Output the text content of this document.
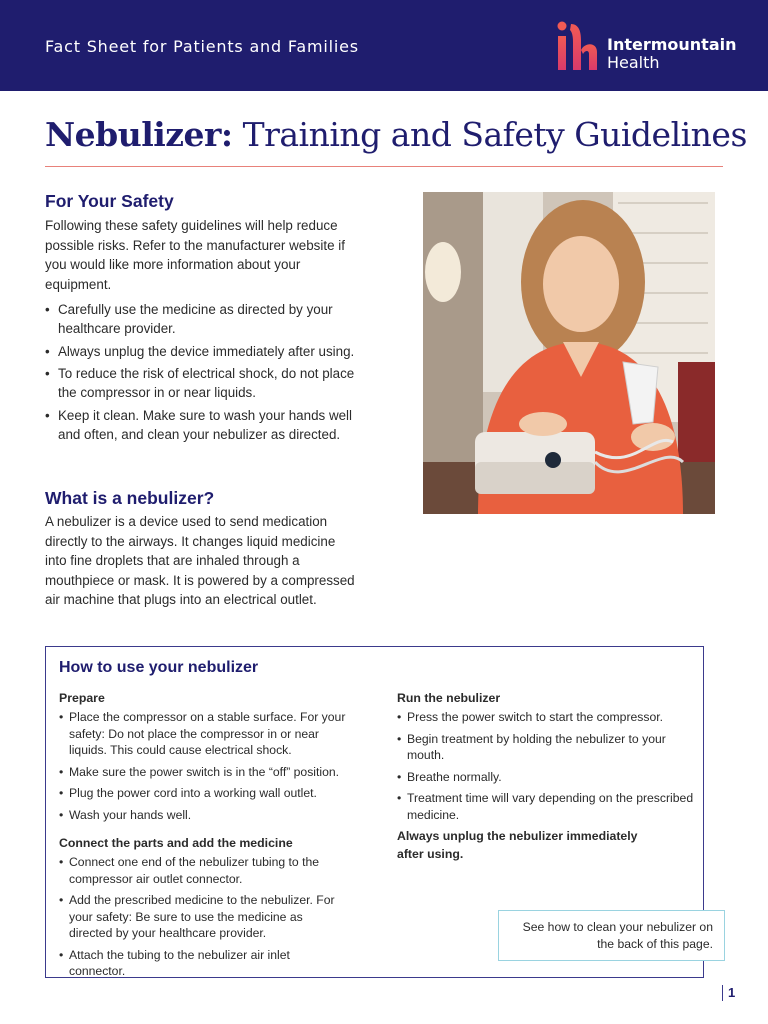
Fact Sheet for Patients and Families	Intermountain
Health
Nebulizer: Training and Safety Guidelines
For Your Safety

Following these safety guidelines will help reduce possible risks. Refer to the manufacturer website if you would like more information about your equipment.

• Carefully use the medicine as directed by your healthcare provider.
• Always unplug the device immediately after using.
• To reduce the risk of electrical shock, do not place the compressor in or near liquids.
• Keep it clean. Make sure to wash your hands well and often, and clean your nebulizer as directed.
What is a nebulizer?

A nebulizer is a device used to send medication directly to the airways. It changes liquid medicine into fine droplets that are inhaled through a mouthpiece or mask. It is powered by a compressed air machine that plugs into an electrical outlet.

How to use your nebulizer
Prepare
• Place the compressor on a stable surface. For your safety: Do not place the compressor in or near liquids. This could cause electrical shock.
• Make sure the power switch is in the “off” position.
• Plug the power cord into a working wall outlet.
• Wash your hands well.
Connect the parts and add the medicine
• Connect one end of the nebulizer tubing to the compressor air outlet connector.
• Add the prescribed medicine to the nebulizer. For your safety: Be sure to use the medicine as directed by your healthcare provider.
• Attach the tubing to the nebulizer air inlet connector.
Run the nebulizer
• Press the power switch to start the compressor.
• Begin treatment by holding the nebulizer to your mouth.
• Breathe normally.
• Treatment time will vary depending on the prescribed medicine.
Always unplug the nebulizer immediately after using.
See how to clean your nebulizer on the back of this page.
1
